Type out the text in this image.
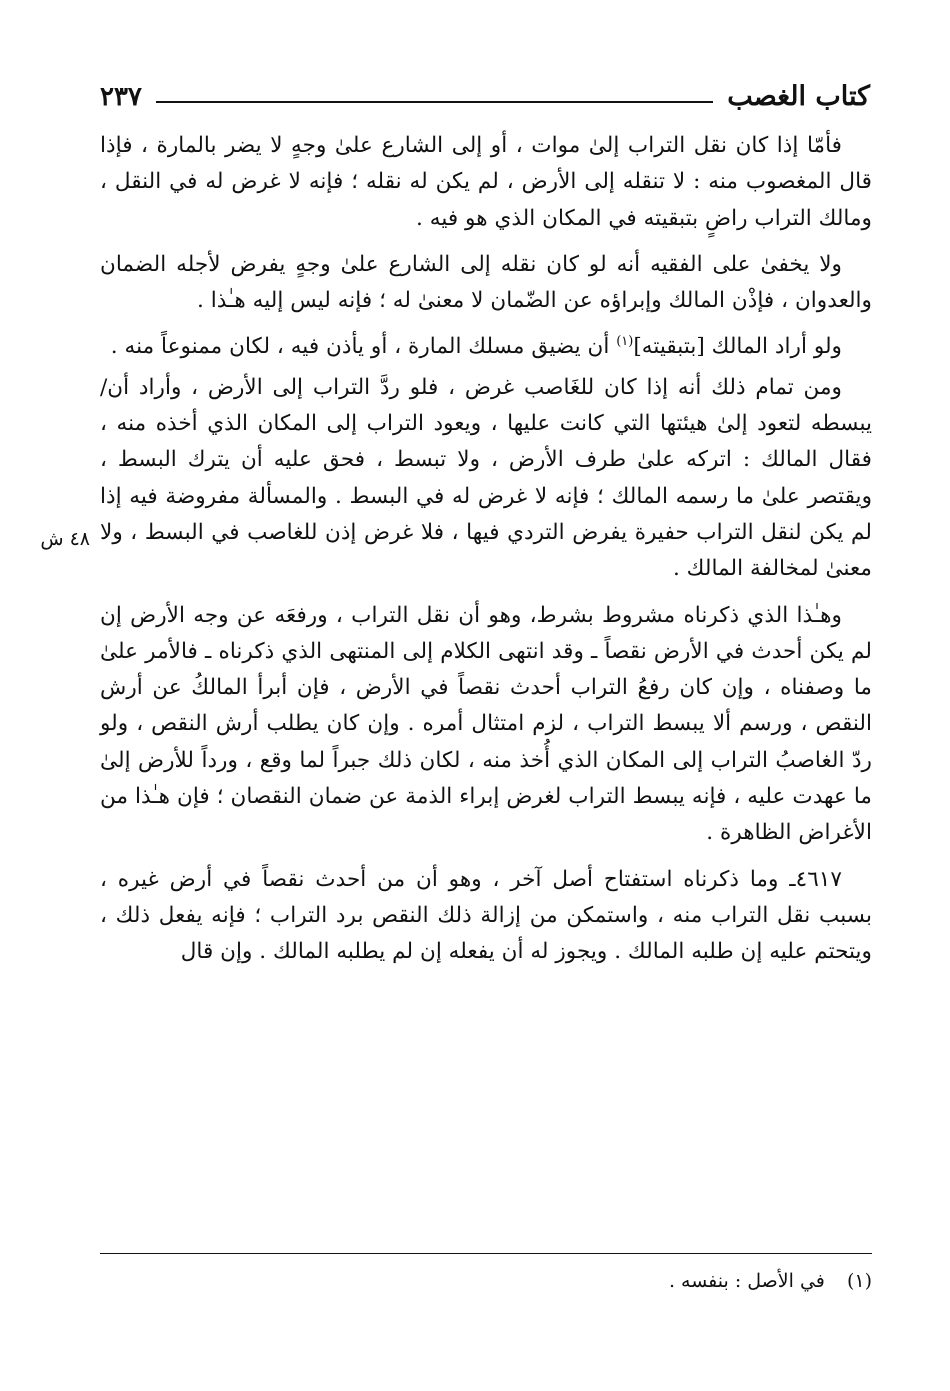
كتاب الغصب
٢٣٧
٤٨ ش

فأمّا إذا كان نقل التراب إلىٰ موات ، أو إلى الشارع علىٰ وجهٍ لا يضر بالمارة ، فإذا قال المغصوب منه : لا تنقله إلى الأرض ، لم يكن له نقله ؛ فإنه لا غرض له في النقل ، ومالك التراب راضٍ بتبقيته في المكان الذي هو فيه .

ولا يخفىٰ على الفقيه أنه لو كان نقله إلى الشارع علىٰ وجهٍ يفرض لأجله الضمان والعدوان ، فإذْن المالك وإبراؤه عن الضّمان لا معنىٰ له ؛ فإنه ليس إليه هـٰذا .

ولو أراد المالك [بتبقيته]$^{(١)}$ أن يضيق مسلك المارة ، أو يأذن فيه ، لكان ممنوعاً منه .

ومن تمام ذلك أنه إذا كان للغَاصب غرض ، فلو ردَّ التراب إلى الأرض ، وأراد أن/ يبسطه لتعود إلىٰ هيئتها التي كانت عليها ، ويعود التراب إلى المكان الذي أخذه منه ، فقال المالك : اتركه علىٰ طرف الأرض ، ولا تبسط ، فحق عليه أن يترك البسط ، ويقتصر علىٰ ما رسمه المالك ؛ فإنه لا غرض له في البسط . والمسألة مفروضة فيه إذا لم يكن لنقل التراب حفيرة يفرض التردي فيها ، فلا غرض إذن للغاصب في البسط ، ولا معنىٰ لمخالفة المالك .

وهـٰذا الذي ذكرناه مشروط بشرط، وهو أن نقل التراب ، ورفعَه عن وجه الأرض إن لم يكن أحدث في الأرض نقصاً ـ وقد انتهى الكلام إلى المنتهى الذي ذكرناه ـ فالأمر علىٰ ما وصفناه ، وإن كان رفعُ التراب أحدث نقصاً في الأرض ، فإن أبرأ المالكُ عن أرش النقص ، ورسم ألا يبسط التراب ، لزم امتثال أمره . وإن كان يطلب أرش النقص ، ولو ردّ الغاصبُ التراب إلى المكان الذي أُخذ منه ، لكان ذلك جبراً لما وقع ، ورداً للأرض إلىٰ ما عهدت عليه ، فإنه يبسط التراب لغرض إبراء الذمة عن ضمان النقصان ؛ فإن هـٰذا من الأغراض الظاهرة .

٤٦١٧ـ وما ذكرناه استفتاح أصل آخر ، وهو أن من أحدث نقصاً في أرض غيره ، بسبب نقل التراب منه ، واستمكن من إزالة ذلك النقص برد التراب ؛ فإنه يفعل ذلك ، ويتحتم عليه إن طلبه المالك . ويجوز له أن يفعله إن لم يطلبه المالك . وإن قال

(١) في الأصل : بنفسه .
